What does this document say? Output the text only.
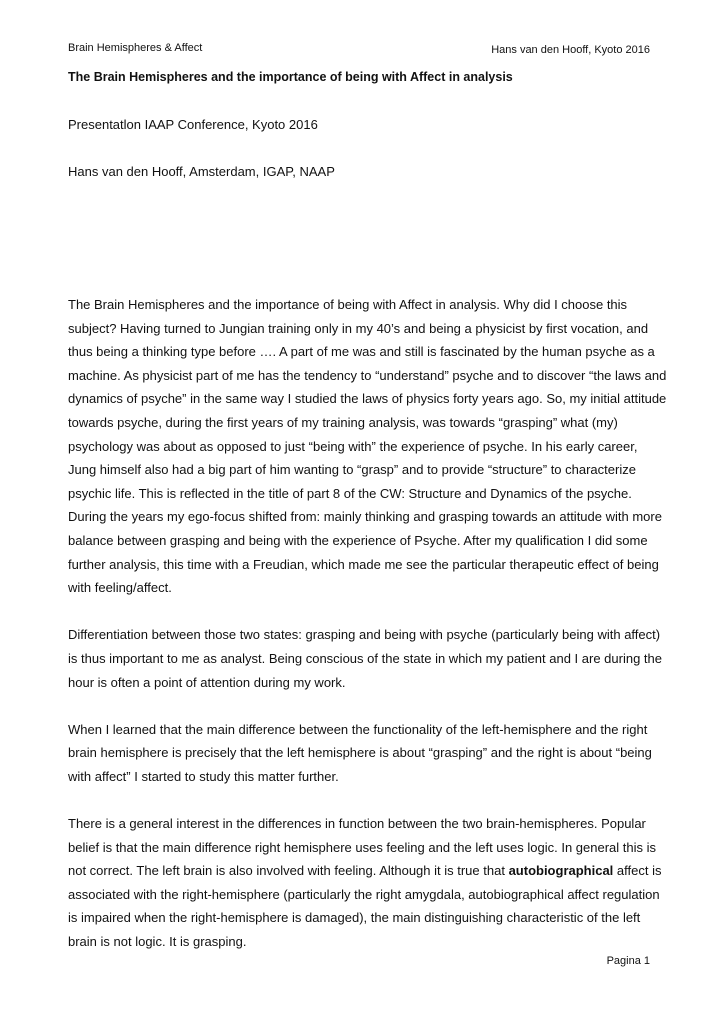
Brain Hemispheres & Affect	Hans van den Hooff, Kyoto 2016
The Brain Hemispheres and the importance of being with Affect in analysis
Presentatlon IAAP Conference, Kyoto 2016
Hans van den Hooff, Amsterdam, IGAP, NAAP

The Brain Hemispheres and the importance of being with Affect in analysis. Why did I choose this subject? Having turned to Jungian training only in my 40’s and being a physicist by first vocation, and thus being a thinking type before …. A part of me was and still is fascinated by the human psyche as a machine. As physicist part of me has the tendency to “understand” psyche and to discover “the laws and dynamics of psyche” in the same way I studied the laws of physics forty years ago. So, my initial attitude towards psyche, during the first years of my training analysis, was towards “grasping” what (my) psychology was about as opposed to just “being with” the experience of psyche. In his early career, Jung himself also had a big part of him wanting to “grasp” and to provide “structure” to characterize psychic life. This is reflected in the title of part 8 of the CW: Structure and Dynamics of the psyche. During the years my ego-focus shifted from: mainly thinking and grasping towards an attitude with more balance between grasping and being with the experience of Psyche. After my qualification I did some further analysis, this time with a Freudian, which made me see the particular therapeutic effect of being with feeling/affect.

Differentiation between those two states: grasping and being with psyche (particularly being with affect) is thus important to me as analyst. Being conscious of the state in which my patient and I are during the hour is often a point of attention during my work.

When I learned that the main difference between the functionality of the left-hemisphere and the right brain hemisphere is precisely that the left hemisphere is about “grasping” and the right is about “being with affect” I started to study this matter further.

There is a general interest in the differences in function between the two brain-hemispheres. Popular belief is that the main difference right hemisphere uses feeling and the left uses logic. In general this is not correct. The left brain is also involved with feeling. Although it is true that autobiographical affect is associated with the right-hemisphere (particularly the right amygdala, autobiographical affect regulation is impaired when the right-hemisphere is damaged), the main distinguishing characteristic of the left brain is not logic. It is grasping.

Pagina 1
